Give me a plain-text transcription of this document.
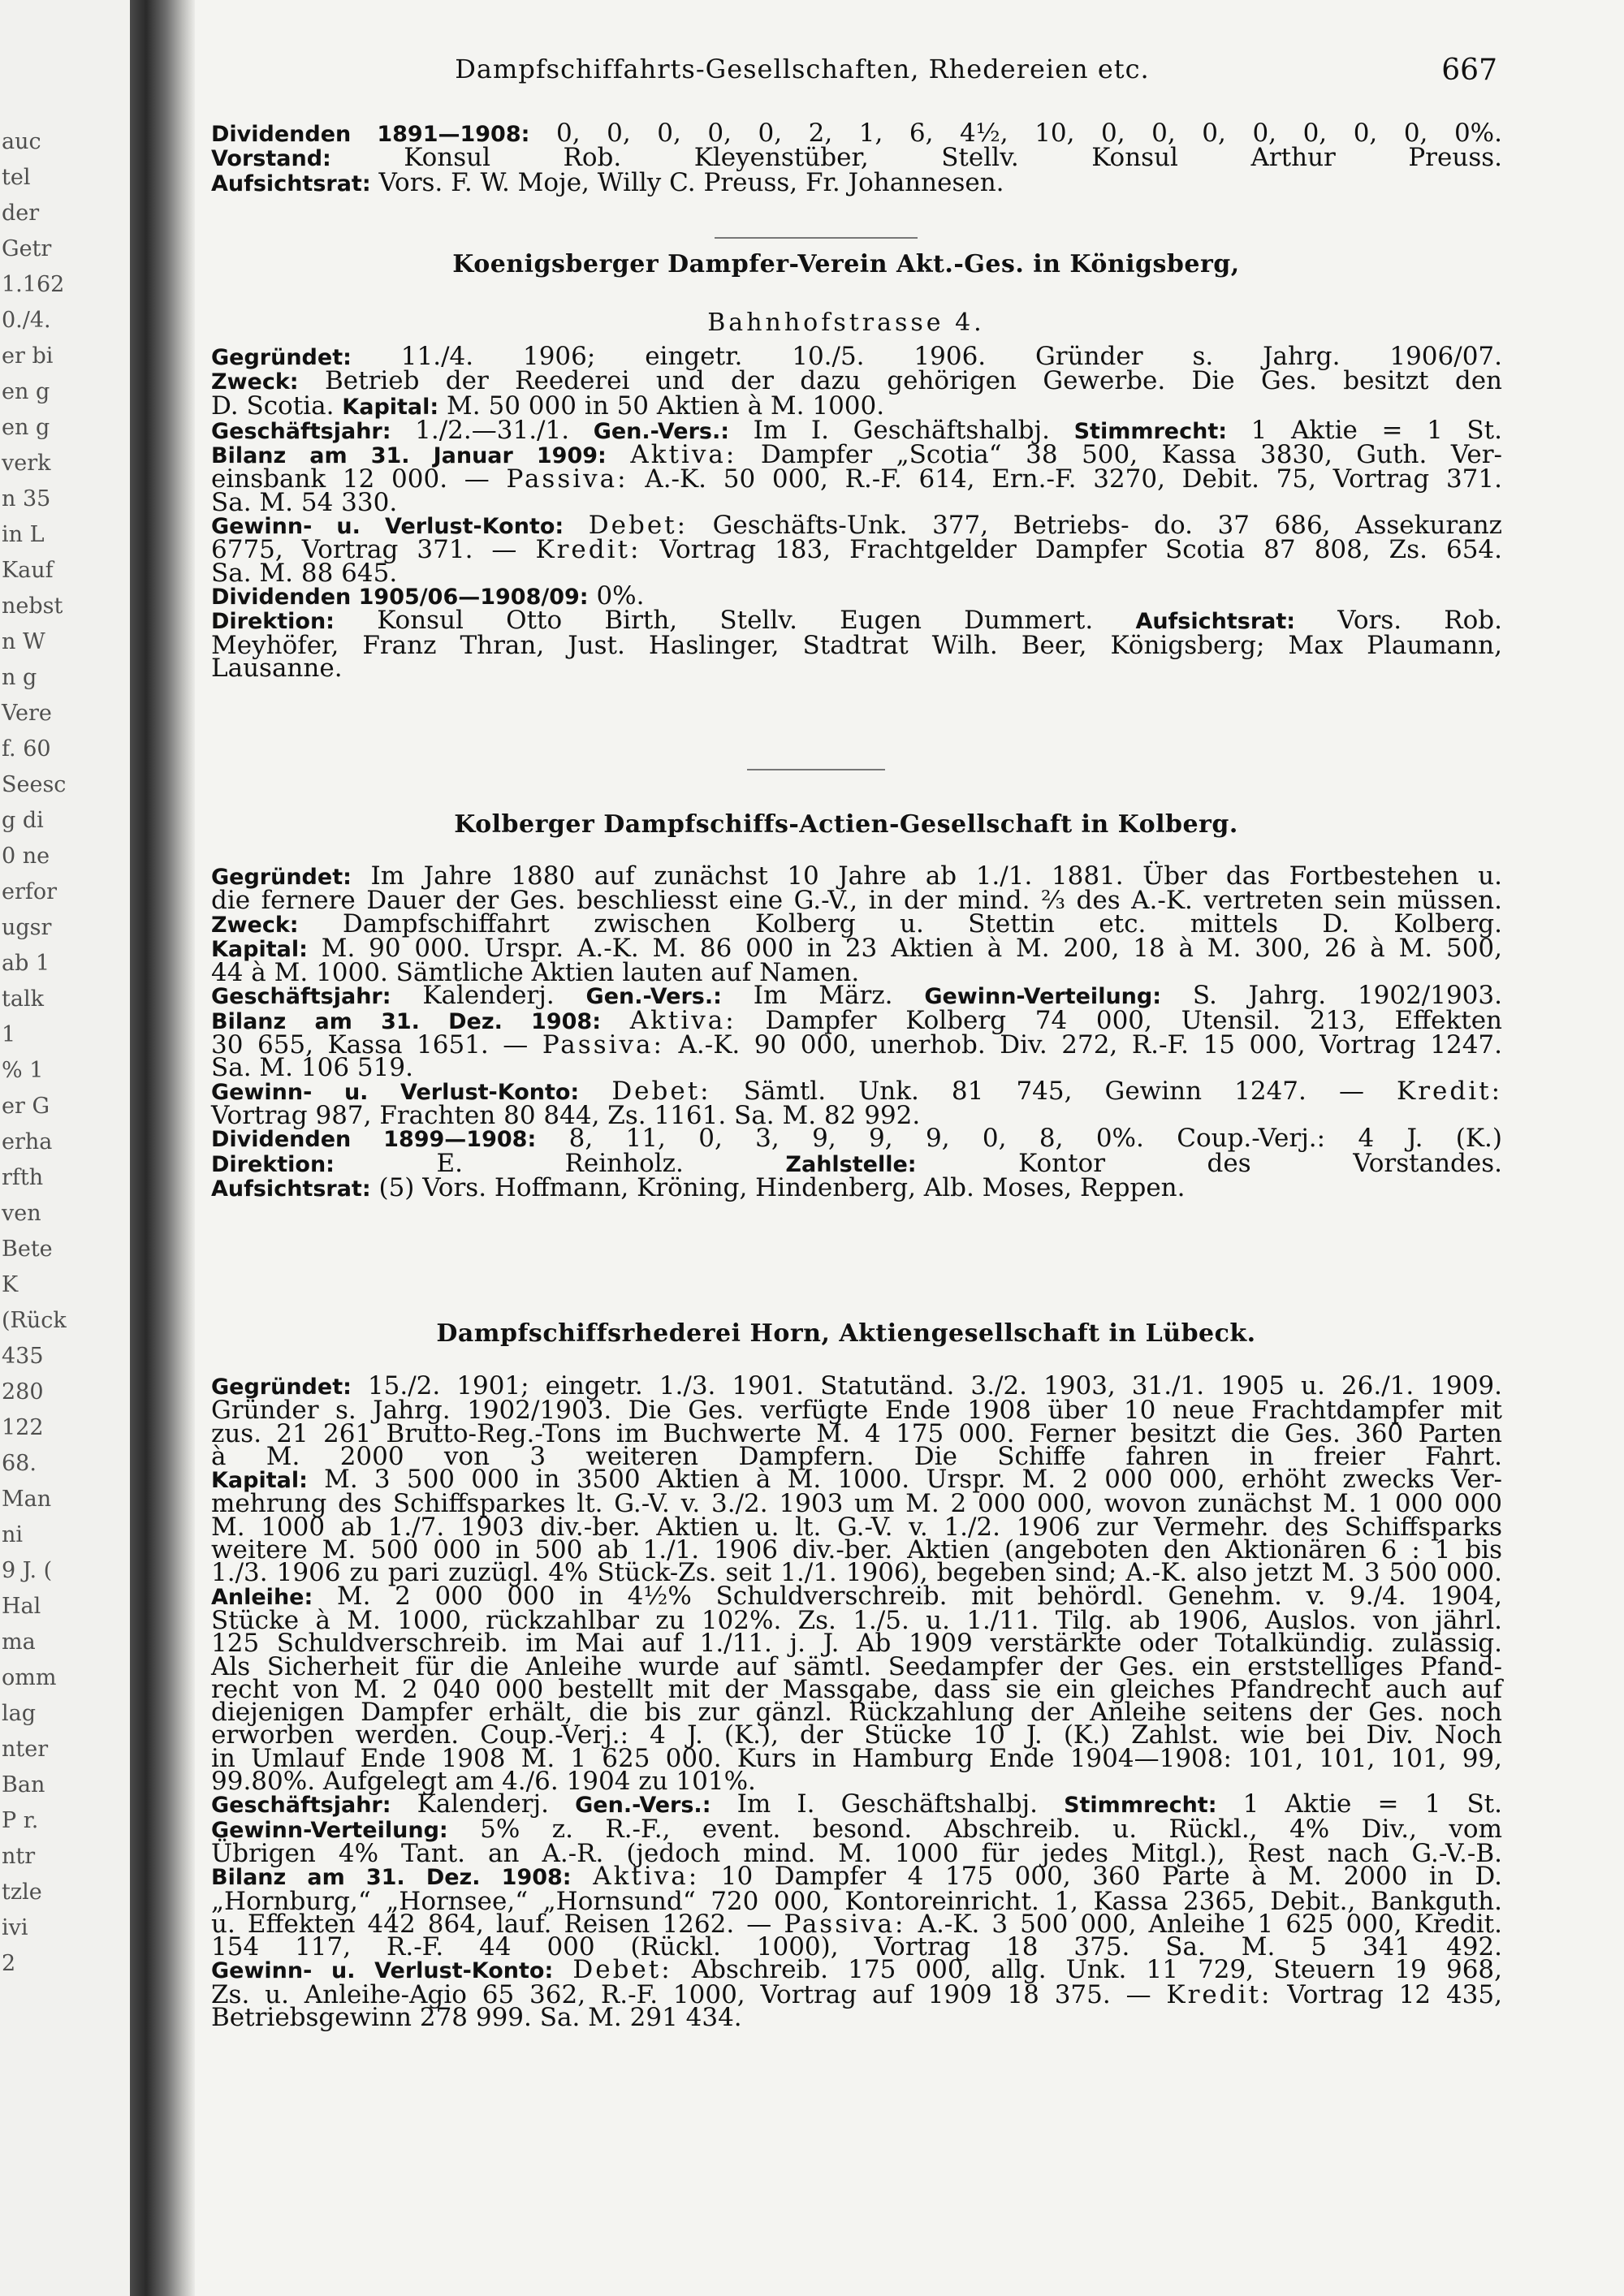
auc
tel
der
Getr
1.162
0./4.
er bi
en g
en g
verk
n 35
in L
Kauf
nebst
n W
n g
Vere
f. 60
Seesc
g di
0 ne
erfor
ugsr
ab 1
talk
1
% 1
er G
erha
rfth
ven
Bete
K
(Rück
435
280
122
68.
Man
ni
9 J. (
Hal
ma
omm
lag
nter
Ban
P r.
ntr
tzle
ivi
2
Dampfschiffahrts-Gesellschaften, Rhedereien etc.	667
Dividenden 1891—1908: 0, 0, 0, 0, 0, 2, 1, 6, 4½, 10, 0, 0, 0, 0, 0, 0, 0, 0%.
Vorstand: Konsul Rob. Kleyenstüber, Stellv. Konsul Arthur Preuss.
Aufsichtsrat: Vors. F. W. Moje, Willy C. Preuss, Fr. Johannesen.
Koenigsberger Dampfer-Verein Akt.-Ges. in Königsberg,
Bahnhofstrasse 4.
Gegründet: 11./4. 1906; eingetr. 10./5. 1906. Gründer s. Jahrg. 1906/07.
Zweck: Betrieb der Reederei und der dazu gehörigen Gewerbe. Die Ges. besitzt den
D. Scotia. Kapital: M. 50 000 in 50 Aktien à M. 1000.
Geschäftsjahr: 1./2.—31./1. Gen.-Vers.: Im I. Geschäftshalbj. Stimmrecht: 1 Aktie = 1 St.
Bilanz am 31. Januar 1909: Aktiva: Dampfer „Scotia“ 38 500, Kassa 3830, Guth. Ver-
einsbank 12 000. — Passiva: A.-K. 50 000, R.-F. 614, Ern.-F. 3270, Debit. 75, Vortrag 371.
Sa. M. 54 330.
Gewinn- u. Verlust-Konto: Debet: Geschäfts-Unk. 377, Betriebs- do. 37 686, Assekuranz
6775, Vortrag 371. — Kredit: Vortrag 183, Frachtgelder Dampfer Scotia 87 808, Zs. 654.
Sa. M. 88 645.
Dividenden 1905/06—1908/09: 0%.
Direktion: Konsul Otto Birth, Stellv. Eugen Dummert. Aufsichtsrat: Vors. Rob.
Meyhöfer, Franz Thran, Just. Haslinger, Stadtrat Wilh. Beer, Königsberg; Max Plaumann,
Lausanne.
Kolberger Dampfschiffs-Actien-Gesellschaft in Kolberg.
Gegründet: Im Jahre 1880 auf zunächst 10 Jahre ab 1./1. 1881. Über das Fortbestehen u.
die fernere Dauer der Ges. beschliesst eine G.-V., in der mind. ⅔ des A.-K. vertreten sein müssen.
Zweck: Dampfschiffahrt zwischen Kolberg u. Stettin etc. mittels D. Kolberg.
Kapital: M. 90 000. Urspr. A.-K. M. 86 000 in 23 Aktien à M. 200, 18 à M. 300, 26 à M. 500,
44 à M. 1000. Sämtliche Aktien lauten auf Namen.
Geschäftsjahr: Kalenderj. Gen.-Vers.: Im März. Gewinn-Verteilung: S. Jahrg. 1902/1903.
Bilanz am 31. Dez. 1908: Aktiva: Dampfer Kolberg 74 000, Utensil. 213, Effekten
30 655, Kassa 1651. — Passiva: A.-K. 90 000, unerhob. Div. 272, R.-F. 15 000, Vortrag 1247.
Sa. M. 106 519.
Gewinn- u. Verlust-Konto: Debet: Sämtl. Unk. 81 745, Gewinn 1247. — Kredit:
Vortrag 987, Frachten 80 844, Zs. 1161. Sa. M. 82 992.
Dividenden 1899—1908: 8, 11, 0, 3, 9, 9, 9, 0, 8, 0%. Coup.-Verj.: 4 J. (K.)
Direktion: E. Reinholz. Zahlstelle: Kontor des Vorstandes.
Aufsichtsrat: (5) Vors. Hoffmann, Kröning, Hindenberg, Alb. Moses, Reppen.
Dampfschiffsrhederei Horn, Aktiengesellschaft in Lübeck.
Gegründet: 15./2. 1901; eingetr. 1./3. 1901. Statutänd. 3./2. 1903, 31./1. 1905 u. 26./1. 1909.
Gründer s. Jahrg. 1902/1903. Die Ges. verfügte Ende 1908 über 10 neue Frachtdampfer mit
zus. 21 261 Brutto-Reg.-Tons im Buchwerte M. 4 175 000. Ferner besitzt die Ges. 360 Parten
à M. 2000 von 3 weiteren Dampfern. Die Schiffe fahren in freier Fahrt.
Kapital: M. 3 500 000 in 3500 Aktien à M. 1000. Urspr. M. 2 000 000, erhöht zwecks Ver-
mehrung des Schiffsparkes lt. G.-V. v. 3./2. 1903 um M. 2 000 000, wovon zunächst M. 1 000 000
M. 1000 ab 1./7. 1903 div.-ber. Aktien u. lt. G.-V. v. 1./2. 1906 zur Vermehr. des Schiffsparks
weitere M. 500 000 in 500 ab 1./1. 1906 div.-ber. Aktien (angeboten den Aktionären 6 : 1 bis
1./3. 1906 zu pari zuzügl. 4% Stück-Zs. seit 1./1. 1906), begeben sind; A.-K. also jetzt M. 3 500 000.
Anleihe: M. 2 000 000 in 4½% Schuldverschreib. mit behördl. Genehm. v. 9./4. 1904,
Stücke à M. 1000, rückzahlbar zu 102%. Zs. 1./5. u. 1./11. Tilg. ab 1906, Auslos. von jährl.
125 Schuldverschreib. im Mai auf 1./11. j. J. Ab 1909 verstärkte oder Totalkündig. zulässig.
Als Sicherheit für die Anleihe wurde auf sämtl. Seedampfer der Ges. ein erststelliges Pfand-
recht von M. 2 040 000 bestellt mit der Massgabe, dass sie ein gleiches Pfandrecht auch auf
diejenigen Dampfer erhält, die bis zur gänzl. Rückzahlung der Anleihe seitens der Ges. noch
erworben werden. Coup.-Verj.: 4 J. (K.), der Stücke 10 J. (K.) Zahlst. wie bei Div. Noch
in Umlauf Ende 1908 M. 1 625 000. Kurs in Hamburg Ende 1904—1908: 101, 101, 101, 99,
99.80%. Aufgelegt am 4./6. 1904 zu 101%.
Geschäftsjahr: Kalenderj. Gen.-Vers.: Im I. Geschäftshalbj. Stimmrecht: 1 Aktie = 1 St.
Gewinn-Verteilung: 5% z. R.-F., event. besond. Abschreib. u. Rückl., 4% Div., vom
Übrigen 4% Tant. an A.-R. (jedoch mind. M. 1000 für jedes Mitgl.), Rest nach G.-V.-B.
Bilanz am 31. Dez. 1908: Aktiva: 10 Dampfer 4 175 000, 360 Parte à M. 2000 in D.
„Hornburg,“ „Hornsee,“ „Hornsund“ 720 000, Kontoreinricht. 1, Kassa 2365, Debit., Bankguth.
u. Effekten 442 864, lauf. Reisen 1262. — Passiva: A.-K. 3 500 000, Anleihe 1 625 000, Kredit.
154 117, R.-F. 44 000 (Rückl. 1000), Vortrag 18 375. Sa. M. 5 341 492.
Gewinn- u. Verlust-Konto: Debet: Abschreib. 175 000, allg. Unk. 11 729, Steuern 19 968,
Zs. u. Anleihe-Agio 65 362, R.-F. 1000, Vortrag auf 1909 18 375. — Kredit: Vortrag 12 435,
Betriebsgewinn 278 999. Sa. M. 291 434.
